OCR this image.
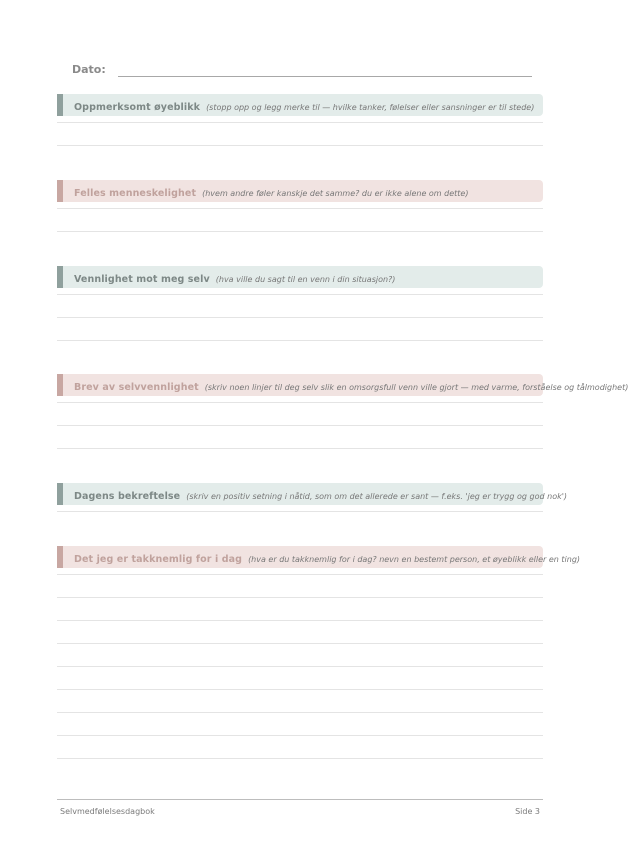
Dato:
Oppmerksomt øyeblikk (stopp opp og legg merke til — hvilke tanker, følelser eller sansninger er til stede)
Felles menneskelighet (hvem andre føler kanskje det samme? du er ikke alene om dette)
Vennlighet mot meg selv (hva ville du sagt til en venn i din situasjon?)
Brev av selvvennlighet (skriv noen linjer til deg selv slik en omsorgsfull venn ville gjort — med varme, forståelse og tålmodighet)
Dagens bekreftelse (skriv en positiv setning i nåtid, som om det allerede er sant — f.eks. 'jeg er trygg og god nok')
Det jeg er takknemlig for i dag (hva er du takknemlig for i dag? nevn en bestemt person, et øyeblikk eller en ting)
Selvmedfølelsesdagbok	Side 3
